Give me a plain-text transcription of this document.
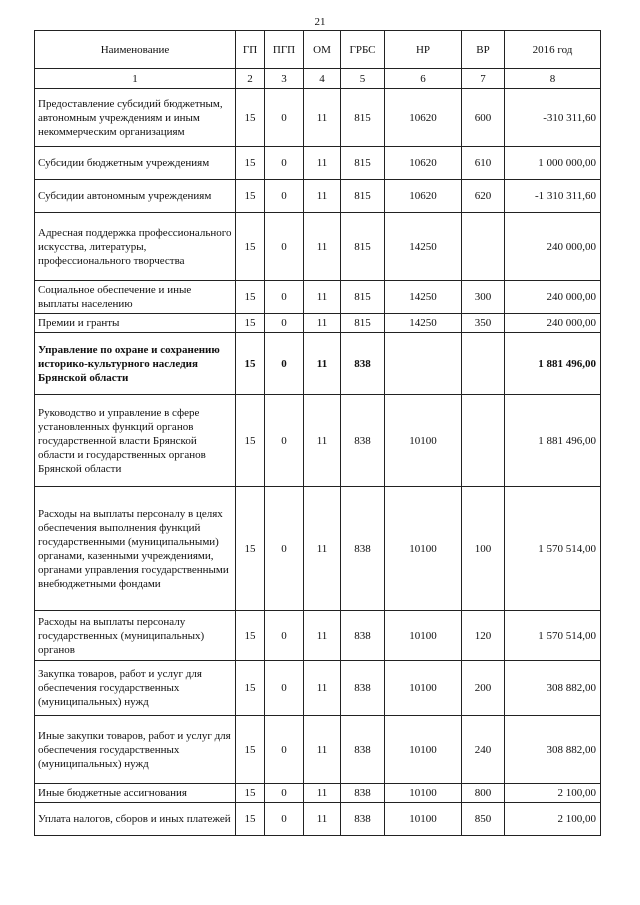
21
Наименование	ГП	ПГП	ОМ	ГРБС	НР	ВР	2016 год
1	2	3	4	5	6	7	8
Предоставление субсидий бюджетным, автономным учреждениям и иным некоммерческим организациям	15	0	11	815	10620	600	-310 311,60
Субсидии бюджетным учреждениям	15	0	11	815	10620	610	1 000 000,00
Субсидии автономным учреждениям	15	0	11	815	10620	620	-1 310 311,60
Адресная поддержка профессионального искусства, литературы, профессионального творчества	15	0	11	815	14250		240 000,00
Социальное обеспечение и иные выплаты населению	15	0	11	815	14250	300	240 000,00
Премии и гранты	15	0	11	815	14250	350	240 000,00
Управление по охране и сохранению историко-культурного наследия Брянской области	15	0	11	838			1 881 496,00
Руководство и управление в сфере установленных функций органов государственной власти Брянской области и государственных органов Брянской области	15	0	11	838	10100		1 881 496,00
Расходы на выплаты персоналу в целях обеспечения выполнения функций государственными (муниципальными) органами, казенными учреждениями, органами управления государственными внебюджетными фондами	15	0	11	838	10100	100	1 570 514,00
Расходы на выплаты персоналу государственных (муниципальных) органов	15	0	11	838	10100	120	1 570 514,00
Закупка товаров, работ и услуг для обеспечения государственных (муниципальных) нужд	15	0	11	838	10100	200	308 882,00
Иные закупки товаров, работ и услуг для обеспечения государственных (муниципальных) нужд	15	0	11	838	10100	240	308 882,00
Иные бюджетные ассигнования	15	0	11	838	10100	800	2 100,00
Уплата налогов, сборов и иных платежей	15	0	11	838	10100	850	2 100,00
